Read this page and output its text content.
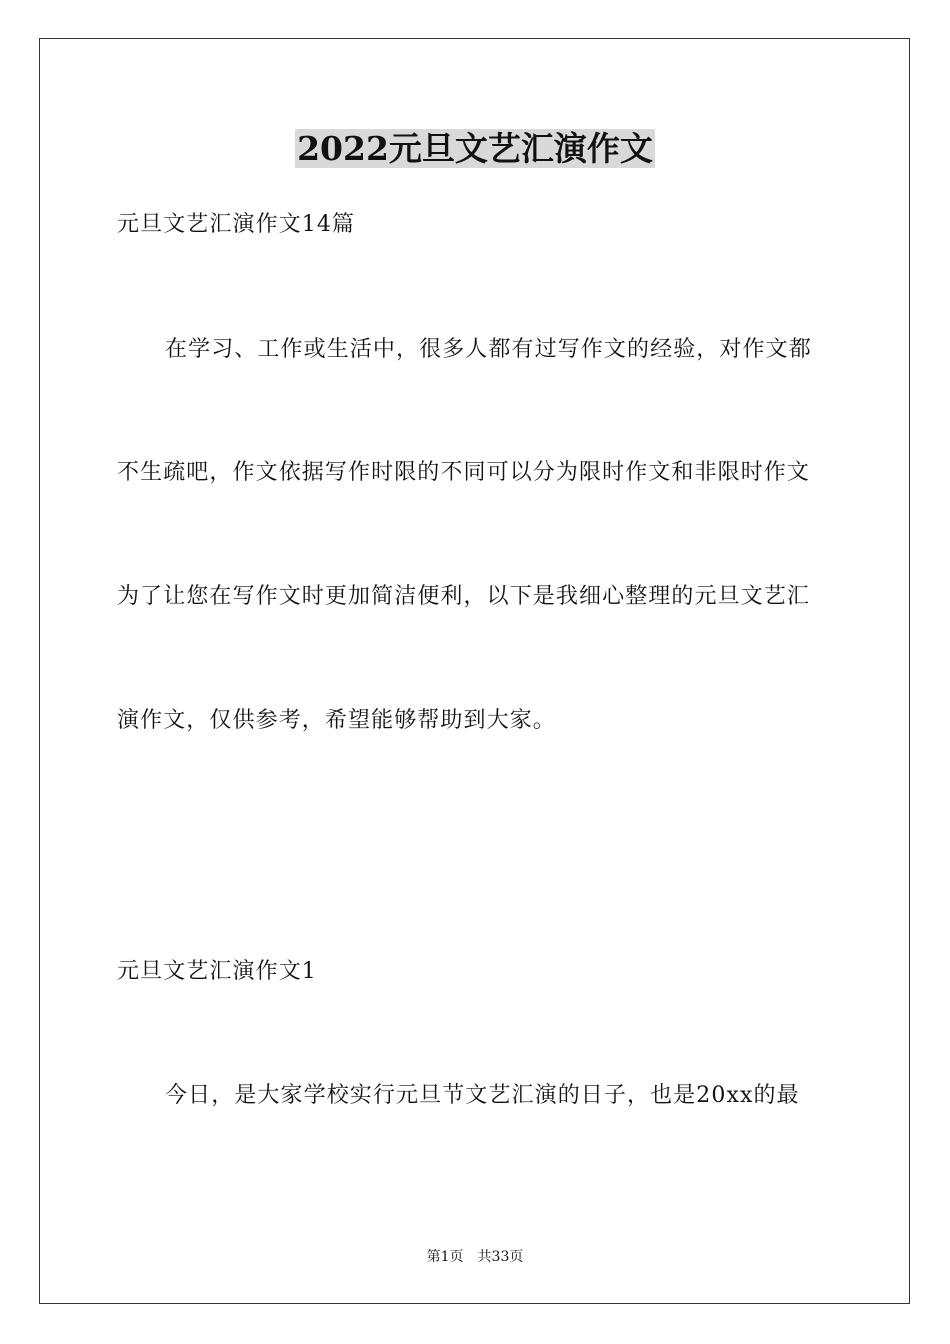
2022元旦文艺汇演作文
元旦文艺汇演作文14篇
在学习、工作或生活中，很多人都有过写作文的经验，对作文都
不生疏吧，作文依据写作时限的不同可以分为限时作文和非限时作文
为了让您在写作文时更加简洁便利，以下是我细心整理的元旦文艺汇
演作文，仅供参考，希望能够帮助到大家。
元旦文艺汇演作文1
今日，是大家学校实行元旦节文艺汇演的日子，也是20xx的最
第1页 共33页
